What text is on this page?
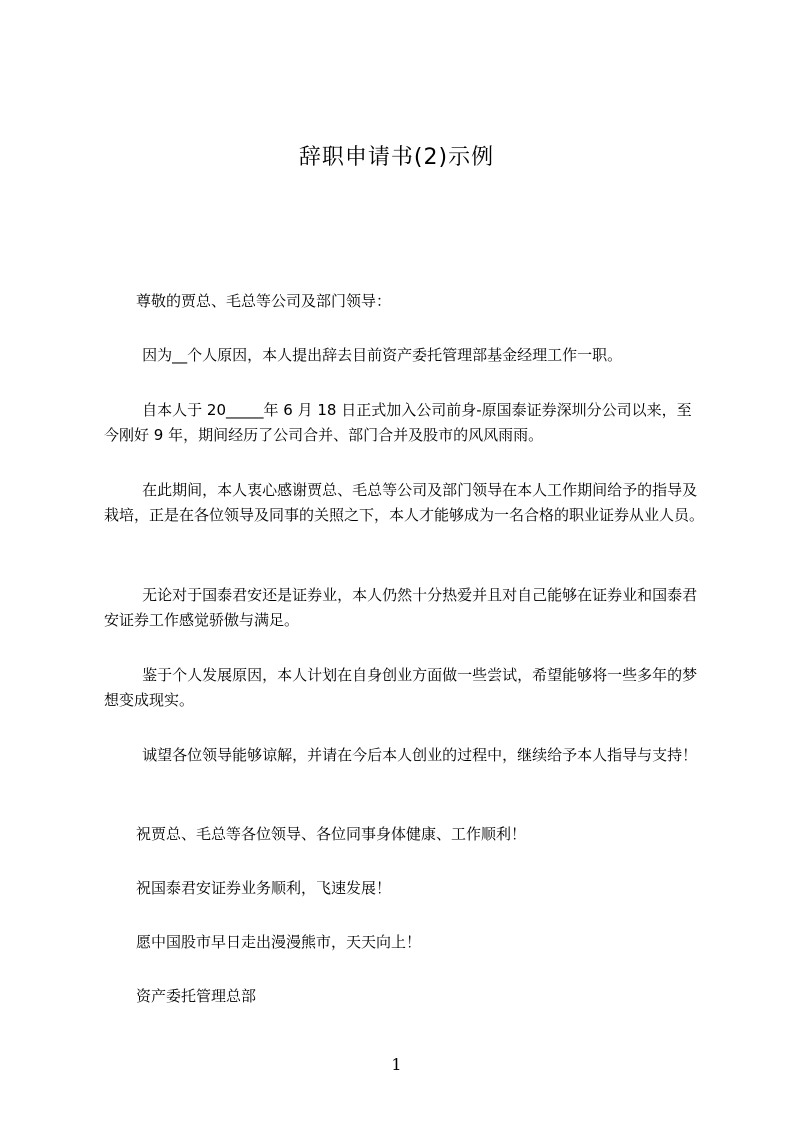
辞职申请书(2)示例
尊敬的贾总、毛总等公司及部门领导：
因为__个人原因，本人提出辞去目前资产委托管理部基金经理工作一职。
自本人于 20_____年 6 月 18 日正式加入公司前身-原国泰证券深圳分公司以来，至今刚好 9 年，期间经历了公司合并、部门合并及股市的风风雨雨。
在此期间，本人衷心感谢贾总、毛总等公司及部门领导在本人工作期间给予的指导及栽培，正是在各位领导及同事的关照之下，本人才能够成为一名合格的职业证券从业人员。
无论对于国泰君安还是证券业，本人仍然十分热爱并且对自己能够在证券业和国泰君安证券工作感觉骄傲与满足。
鉴于个人发展原因，本人计划在自身创业方面做一些尝试，希望能够将一些多年的梦想变成现实。
诚望各位领导能够谅解，并请在今后本人创业的过程中，继续给予本人指导与支持！
祝贾总、毛总等各位领导、各位同事身体健康、工作顺利！
祝国泰君安证券业务顺利，飞速发展！
愿中国股市早日走出漫漫熊市，天天向上！
资产委托管理总部
1
